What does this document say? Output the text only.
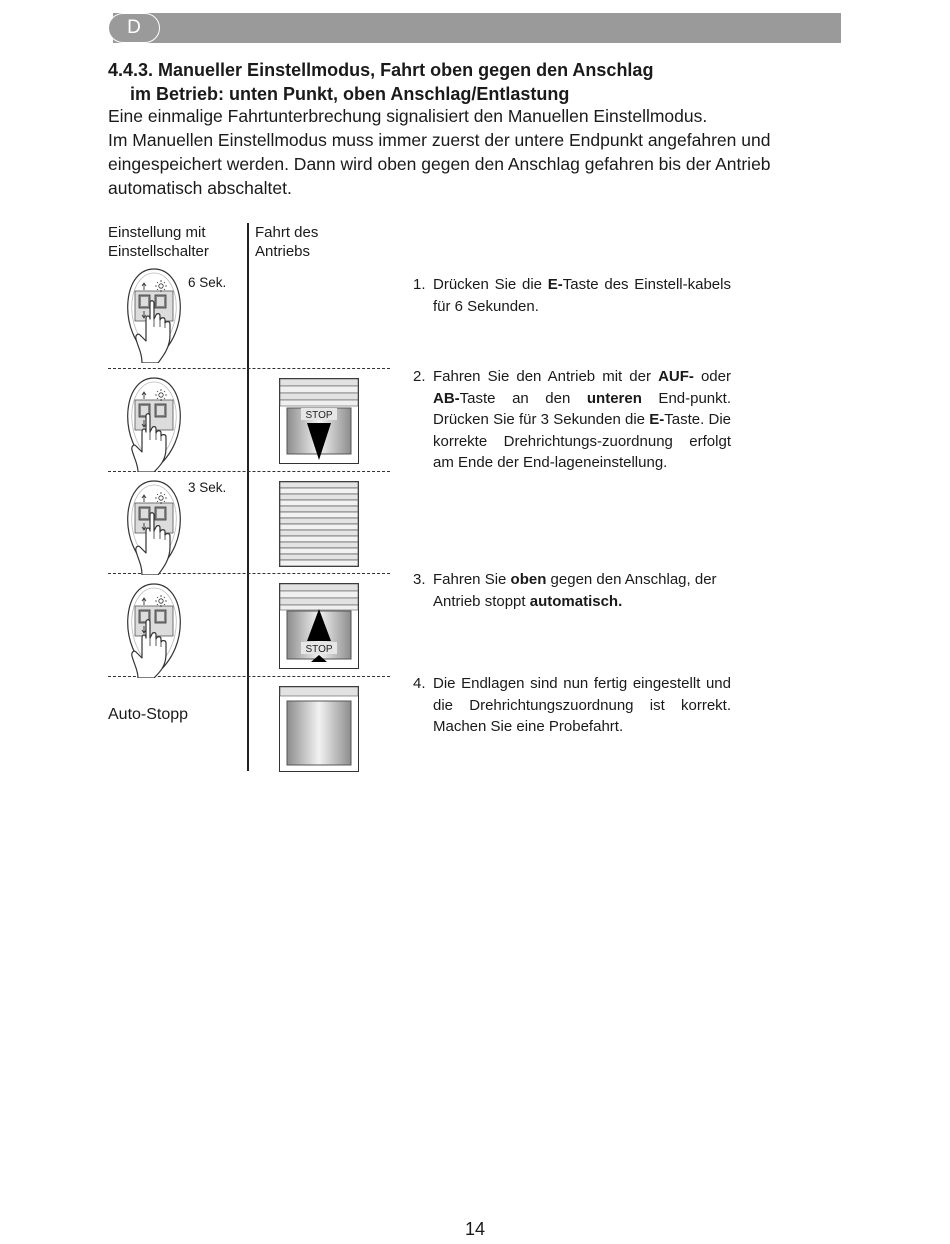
D
4.4.3. Manueller Einstellmodus, Fahrt oben gegen den Anschlag
im Betrieb: unten Punkt, oben Anschlag/Entlastung
Eine einmalige Fahrtunterbrechung signalisiert den Manuellen Einstellmodus.
Im Manuellen Einstellmodus muss immer zuerst der untere Endpunkt angefahren und eingespeichert werden. Dann wird oben gegen den Anschlag gefahren bis der Antrieb automatisch abschaltet.
Einstellung mit
Einstellschalter
Fahrt des
Antriebs
6 Sek.
STOP
3 Sek.
STOP
Auto-Stopp
1. Drücken Sie die E-Taste des Einstell-kabels für 6 Sekunden.
2. Fahren Sie den Antrieb mit der AUF- oder AB-Taste an den unteren End-punkt. Drücken Sie für 3 Sekunden die E-Taste. Die korrekte Drehrichtungs-zuordnung erfolgt am Ende der End-lageneinstellung.
3. Fahren Sie oben gegen den Anschlag, der Antrieb stoppt automatisch.
4. Die Endlagen sind nun fertig eingestellt und die Drehrichtungszuordnung ist korrekt. Machen Sie eine Probefahrt.
14
